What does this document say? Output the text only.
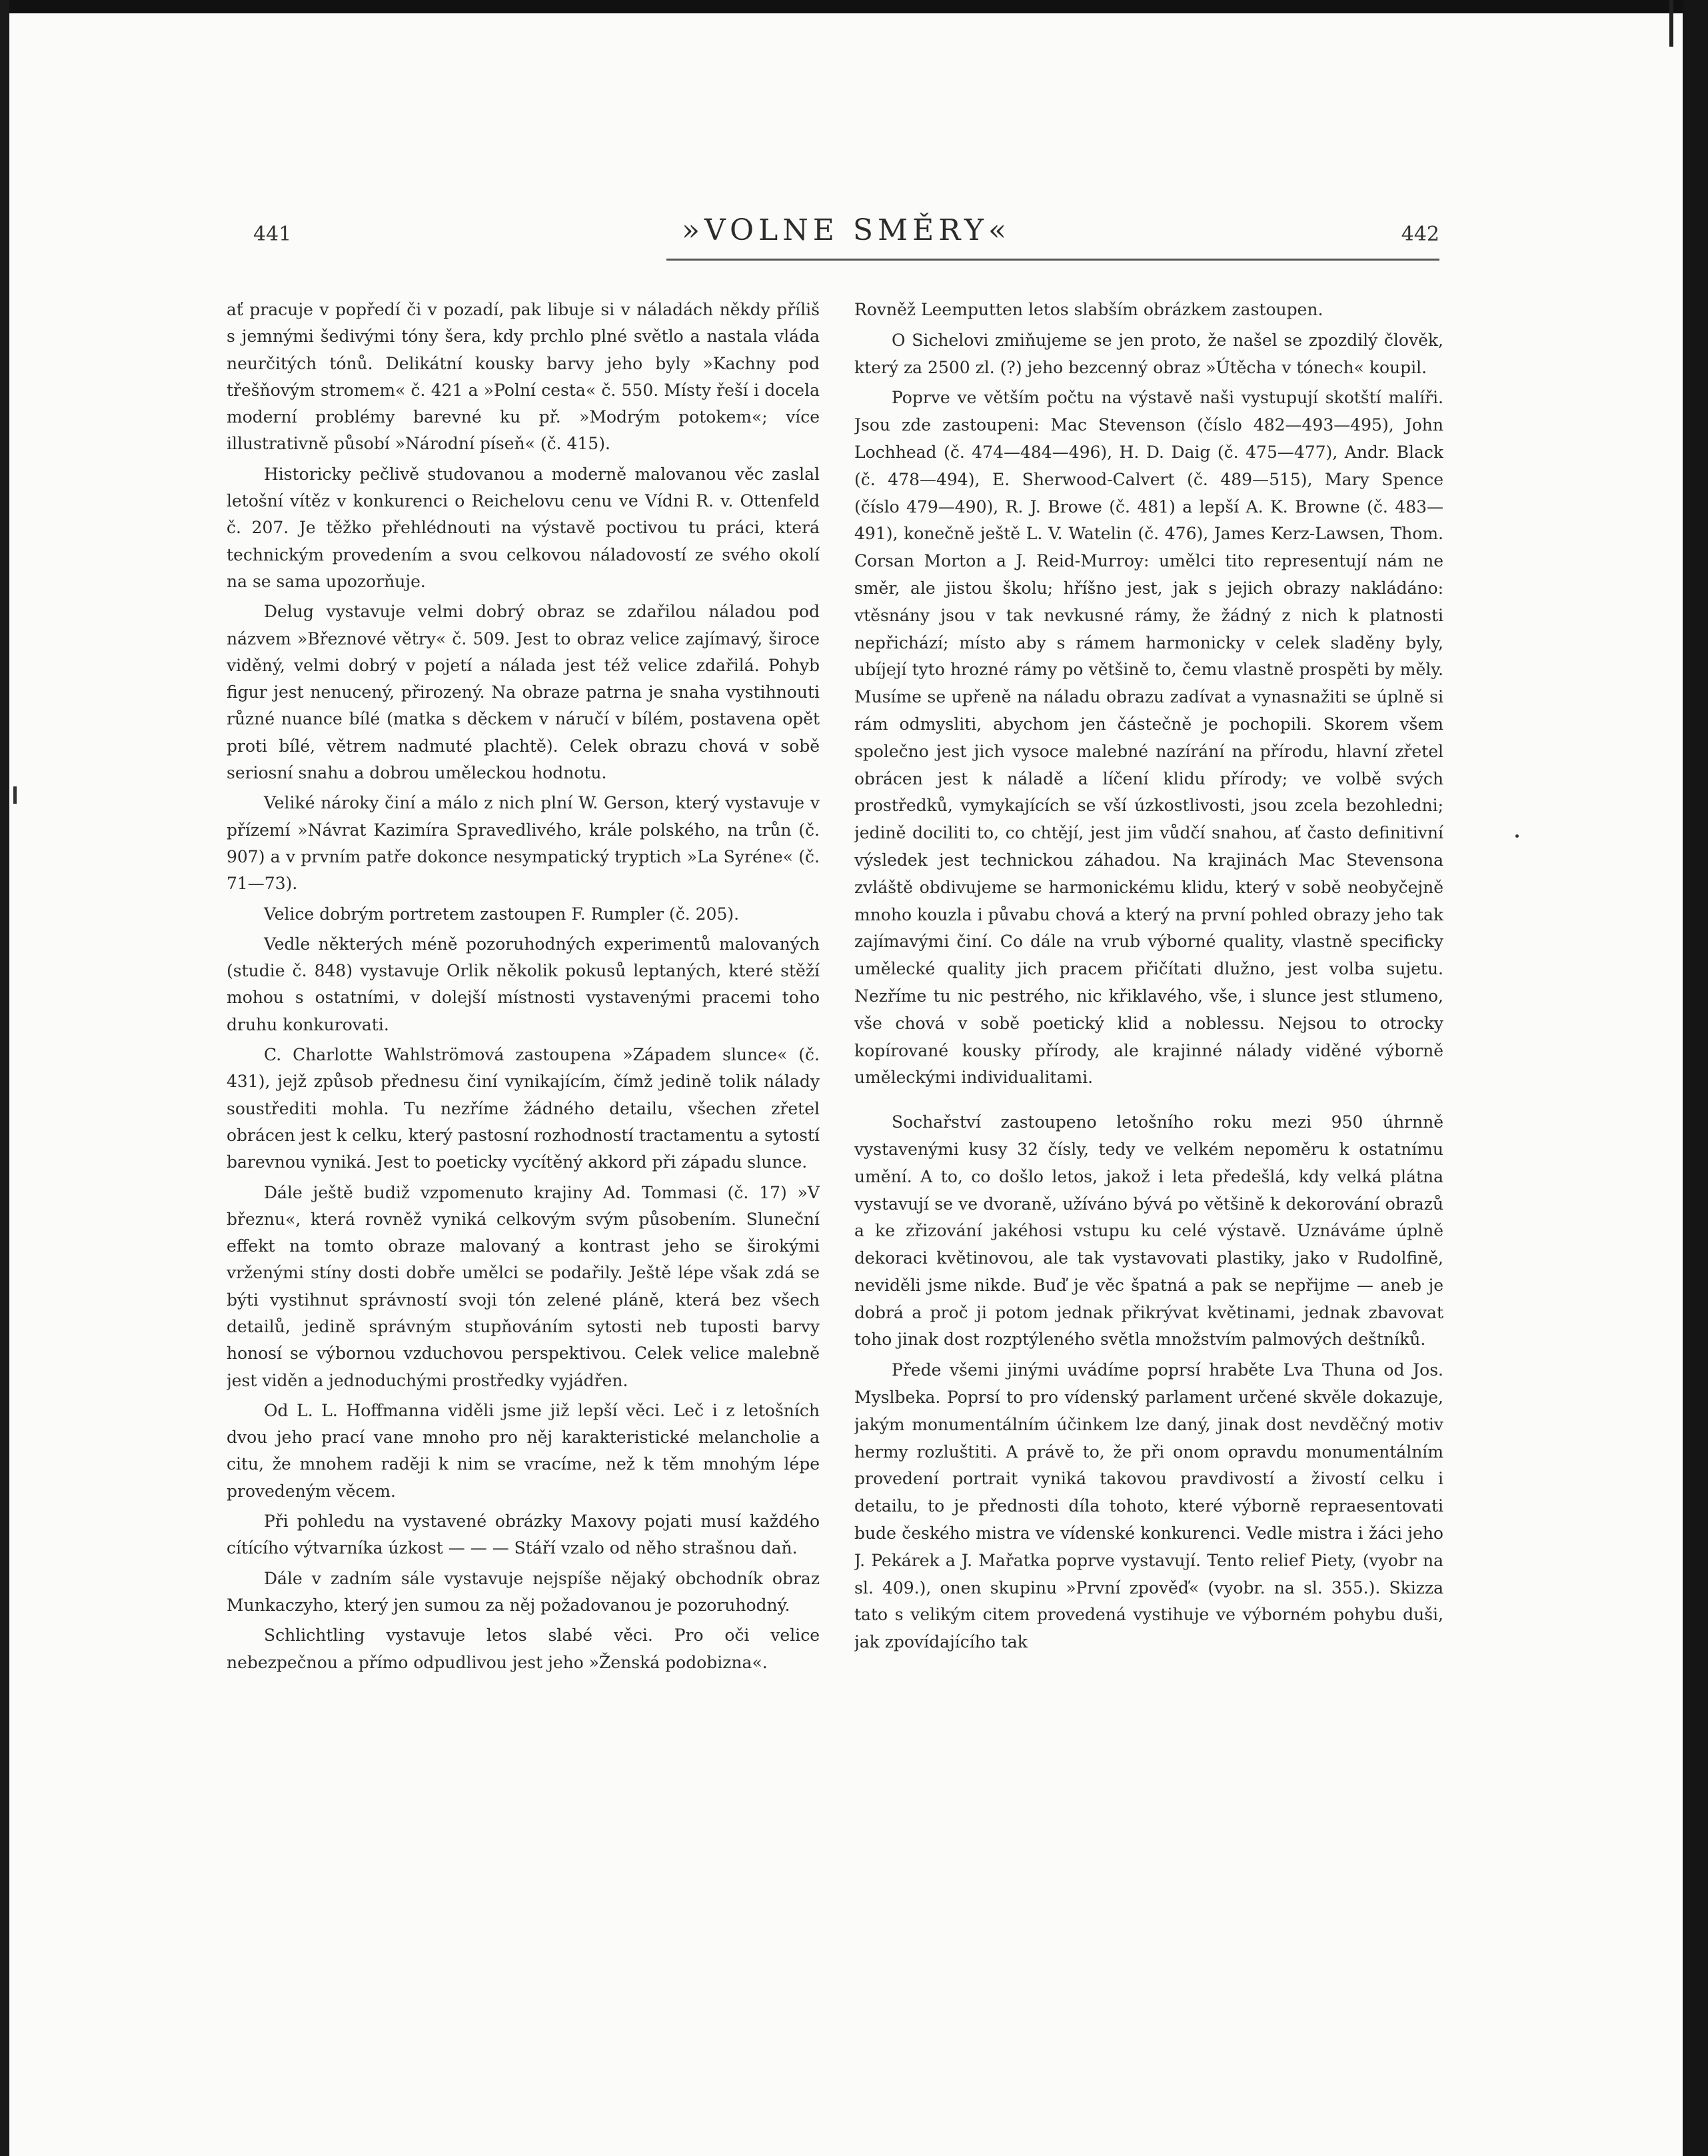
441	»VOLNE SMĚRY«	442

ať pracuje v popředí či v pozadí, pak libuje si v náladách někdy příliš s jemnými šedivými tóny šera, kdy prchlo plné světlo a nastala vláda neurčitých tónů. Delikátní kousky barvy jeho byly »Kachny pod třešňovým stromem« č. 421 a »Polní cesta« č. 550. Místy řeší i docela moderní problémy barevné ku př. »Modrým potokem«; více illustrativně působí »Národní píseň« (č. 415).

Historicky pečlivě studovanou a moderně malovanou věc zaslal letošní vítěz v konkurenci o Reichelovu cenu ve Vídni R. v. Ottenfeld č. 207. Je těžko přehlédnouti na výstavě poctivou tu práci, která technickým provedením a svou celkovou náladovostí ze svého okolí na se sama upozorňuje.

Delug vystavuje velmi dobrý obraz se zdařilou náladou pod názvem »Březnové větry« č. 509. Jest to obraz velice zajímavý, široce viděný, velmi dobrý v pojetí a nálada jest též velice zdařilá. Pohyb figur jest nenucený, přirozený. Na obraze patrna je snaha vystihnouti různé nuance bílé (matka s děckem v náručí v bílém, postavena opět proti bílé, větrem nadmuté plachtě). Celek obrazu chová v sobě seriosní snahu a dobrou uměleckou hodnotu.

Veliké nároky činí a málo z nich plní W. Gerson, který vystavuje v přízemí »Návrat Kazimíra Spravedlivého, krále polského, na trůn (č. 907) a v prvním patře dokonce nesympatický tryptich »La Syréne« (č. 71—73).

Velice dobrým portretem zastoupen F. Rumpler (č. 205).

Vedle některých méně pozoruhodných experimentů malovaných (studie č. 848) vystavuje Orlik několik pokusů leptaných, které stěží mohou s ostatními, v dolejší místnosti vystavenými pracemi toho druhu konkurovati.

C. Charlotte Wahlströmová zastoupena »Západem slunce« (č. 431), jejž způsob přednesu činí vynikajícím, čímž jedině tolik nálady soustřediti mohla. Tu nezříme žádného detailu, všechen zřetel obrácen jest k celku, který pastosní rozhodností tractamentu a sytostí barevnou vyniká. Jest to poeticky vycítěný akkord při západu slunce.

Dále ještě budiž vzpomenuto krajiny Ad. Tommasi (č. 17) »V březnu«, která rovněž vyniká celkovým svým působením. Sluneční effekt na tomto obraze malovaný a kontrast jeho se širokými vrženými stíny dosti dobře umělci se podařily. Ještě lépe však zdá se býti vystihnut správností svoji tón zelené pláně, která bez všech detailů, jedině správným stupňováním sytosti neb tuposti barvy honosí se výbornou vzduchovou perspektivou. Celek velice malebně jest viděn a jednoduchými prostředky vyjádřen.

Od L. L. Hoffmanna viděli jsme již lepší věci. Leč i z letošních dvou jeho prací vane mnoho pro něj karakteristické melancholie a citu, že mnohem raději k nim se vracíme, než k těm mnohým lépe provedeným věcem.

Při pohledu na vystavené obrázky Maxovy pojati musí každého cítícího výtvarníka úzkost — — — Stáří vzalo od něho strašnou daň.

Dále v zadním sále vystavuje nejspíše nějaký obchodník obraz Munkaczyho, který jen sumou za něj požadovanou je pozoruhodný.

Schlichtling vystavuje letos slabé věci. Pro oči velice nebezpečnou a přímo odpudlivou jest jeho »Ženská podobizna«.

Rovněž Leemputten letos slabším obrázkem zastoupen.

O Sichelovi zmiňujeme se jen proto, že našel se zpozdilý člověk, který za 2500 zl. (?) jeho bezcenný obraz »Útěcha v tónech« koupil.

Poprve ve větším počtu na výstavě naši vystupují skotští malíři. Jsou zde zastoupeni: Mac Stevenson (číslo 482—493—495), John Lochhead (č. 474—484—496), H. D. Daig (č. 475—477), Andr. Black (č. 478—494), E. Sherwood-Calvert (č. 489—515), Mary Spence (číslo 479—490), R. J. Browe (č. 481) a lepší A. K. Browne (č. 483—491), konečně ještě L. V. Watelin (č. 476), James Kerz-Lawsen, Thom. Corsan Morton a J. Reid-Murroy: umělci tito representují nám ne směr, ale jistou školu; hříšno jest, jak s jejich obrazy nakládáno: vtěsnány jsou v tak nevkusné rámy, že žádný z nich k platnosti nepřichází; místo aby s rámem harmonicky v celek sladěny byly, ubíjejí tyto hrozné rámy po většině to, čemu vlastně prospěti by měly. Musíme se upřeně na náladu obrazu zadívat a vynasnažiti se úplně si rám odmysliti, abychom jen částečně je pochopili. Skorem všem společno jest jich vysoce malebné nazírání na přírodu, hlavní zřetel obrácen jest k náladě a líčení klidu přírody; ve volbě svých prostředků, vymykajících se vší úzkostlivosti, jsou zcela bezohledni; jedině dociliti to, co chtějí, jest jim vůdčí snahou, ať často definitivní výsledek jest technickou záhadou. Na krajinách Mac Stevensona zvláště obdivujeme se harmonickému klidu, který v sobě neobyčejně mnoho kouzla i půvabu chová a který na první pohled obrazy jeho tak zajímavými činí. Co dále na vrub výborné quality, vlastně specificky umělecké quality jich pracem přičítati dlužno, jest volba sujetu. Nezříme tu nic pestrého, nic křiklavého, vše, i slunce jest stlumeno, vše chová v sobě poetický klid a noblessu. Nejsou to otrocky kopírované kousky přírody, ale krajinné nálady viděné výborně uměleckými individualitami.

Sochařství zastoupeno letošního roku mezi 950 úhrnně vystavenými kusy 32 čísly, tedy ve velkém nepoměru k ostatnímu umění. A to, co došlo letos, jakož i leta předešlá, kdy velká plátna vystavují se ve dvoraně, užíváno bývá po většině k dekorování obrazů a ke zřizování jakéhosi vstupu ku celé výstavě. Uznáváme úplně dekoraci květinovou, ale tak vystavovati plastiky, jako v Rudolfině, neviděli jsme nikde. Buď je věc špatná a pak se nepřijme — aneb je dobrá a proč ji potom jednak přikrývat květinami, jednak zbavovat toho jinak dost rozptýleného světla množstvím palmových deštníků.

Přede všemi jinými uvádíme poprsí hraběte Lva Thuna od Jos. Myslbeka. Poprsí to pro vídenský parlament určené skvěle dokazuje, jakým monumentálním účinkem lze daný, jinak dost nevděčný motiv hermy rozluštiti. A právě to, že při onom opravdu monumentálním provedení portrait vyniká takovou pravdivostí a živostí celku i detailu, to je přednosti díla tohoto, které výborně repraesentovati bude českého mistra ve vídenské konkurenci. Vedle mistra i žáci jeho J. Pekárek a J. Mařatka poprve vystavují. Tento relief Piety, (vyobr na sl. 409.), onen skupinu »První zpověď« (vyobr. na sl. 355.). Skizza tato s velikým citem provedená vystihuje ve výborném pohybu duši, jak zpovídajícího tak
